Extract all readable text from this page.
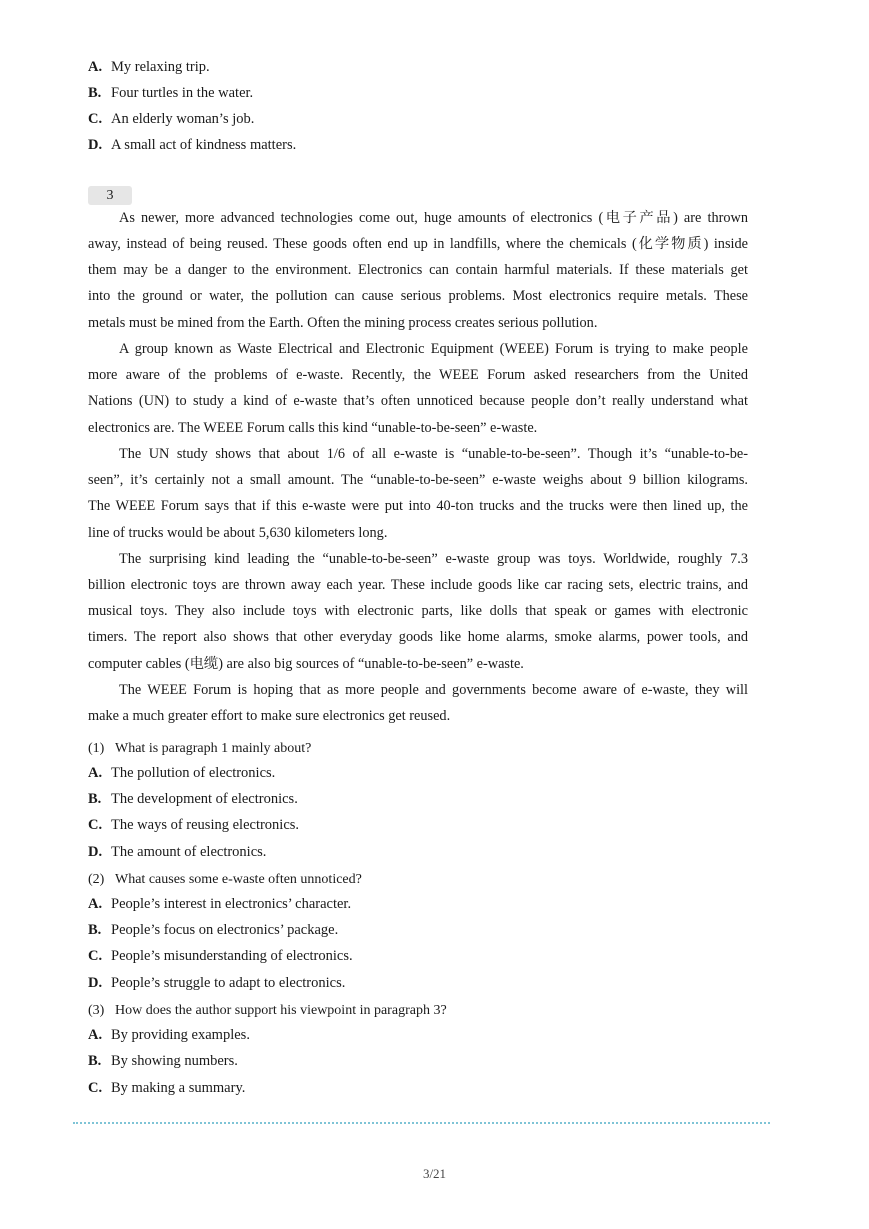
A. My relaxing trip.
B. Four turtles in the water.
C. An elderly woman’s job.
D. A small act of kindness matters.
3
As newer, more advanced technologies come out, huge amounts of electronics (电子产品) are thrown
away, instead of being reused. These goods often end up in landfills, where the chemicals (化学物质) inside
them may be a danger to the environment. Electronics can contain harmful materials. If these materials get
into the ground or water, the pollution can cause serious problems. Most electronics require metals. These
metals must be mined from the Earth. Often the mining process creates serious pollution.
A group known as Waste Electrical and Electronic Equipment (WEEE) Forum is trying to make people
more aware of the problems of e-waste. Recently, the WEEE Forum asked researchers from the United
Nations (UN) to study a kind of e-waste that’s often unnoticed because people don’t really understand what
electronics are. The WEEE Forum calls this kind “unable-to-be-seen” e-waste.
The UN study shows that about 1/6 of all e-waste is “unable-to-be-seen”. Though it’s “unable-to-be-
seen”, it’s certainly not a small amount. The “unable-to-be-seen” e-waste weighs about 9 billion kilograms.
The WEEE Forum says that if this e-waste were put into 40-ton trucks and the trucks were then lined up, the
line of trucks would be about 5,630 kilometers long.
The surprising kind leading the “unable-to-be-seen” e-waste group was toys. Worldwide, roughly 7.3
billion electronic toys are thrown away each year. These include goods like car racing sets, electric trains, and
musical toys. They also include toys with electronic parts, like dolls that speak or games with electronic
timers. The report also shows that other everyday goods like home alarms, smoke alarms, power tools, and
computer cables (电缆) are also big sources of “unable-to-be-seen” e-waste.
The WEEE Forum is hoping that as more people and governments become aware of e-waste, they will
make a much greater effort to make sure electronics get reused.
(1) What is paragraph 1 mainly about?
A. The pollution of electronics.
B. The development of electronics.
C. The ways of reusing electronics.
D. The amount of electronics.
(2) What causes some e-waste often unnoticed?
A. People’s interest in electronics’ character.
B. People’s focus on electronics’ package.
C. People’s misunderstanding of electronics.
D. People’s struggle to adapt to electronics.
(3) How does the author support his viewpoint in paragraph 3?
A. By providing examples.
B. By showing numbers.
C. By making a summary.
3/21
